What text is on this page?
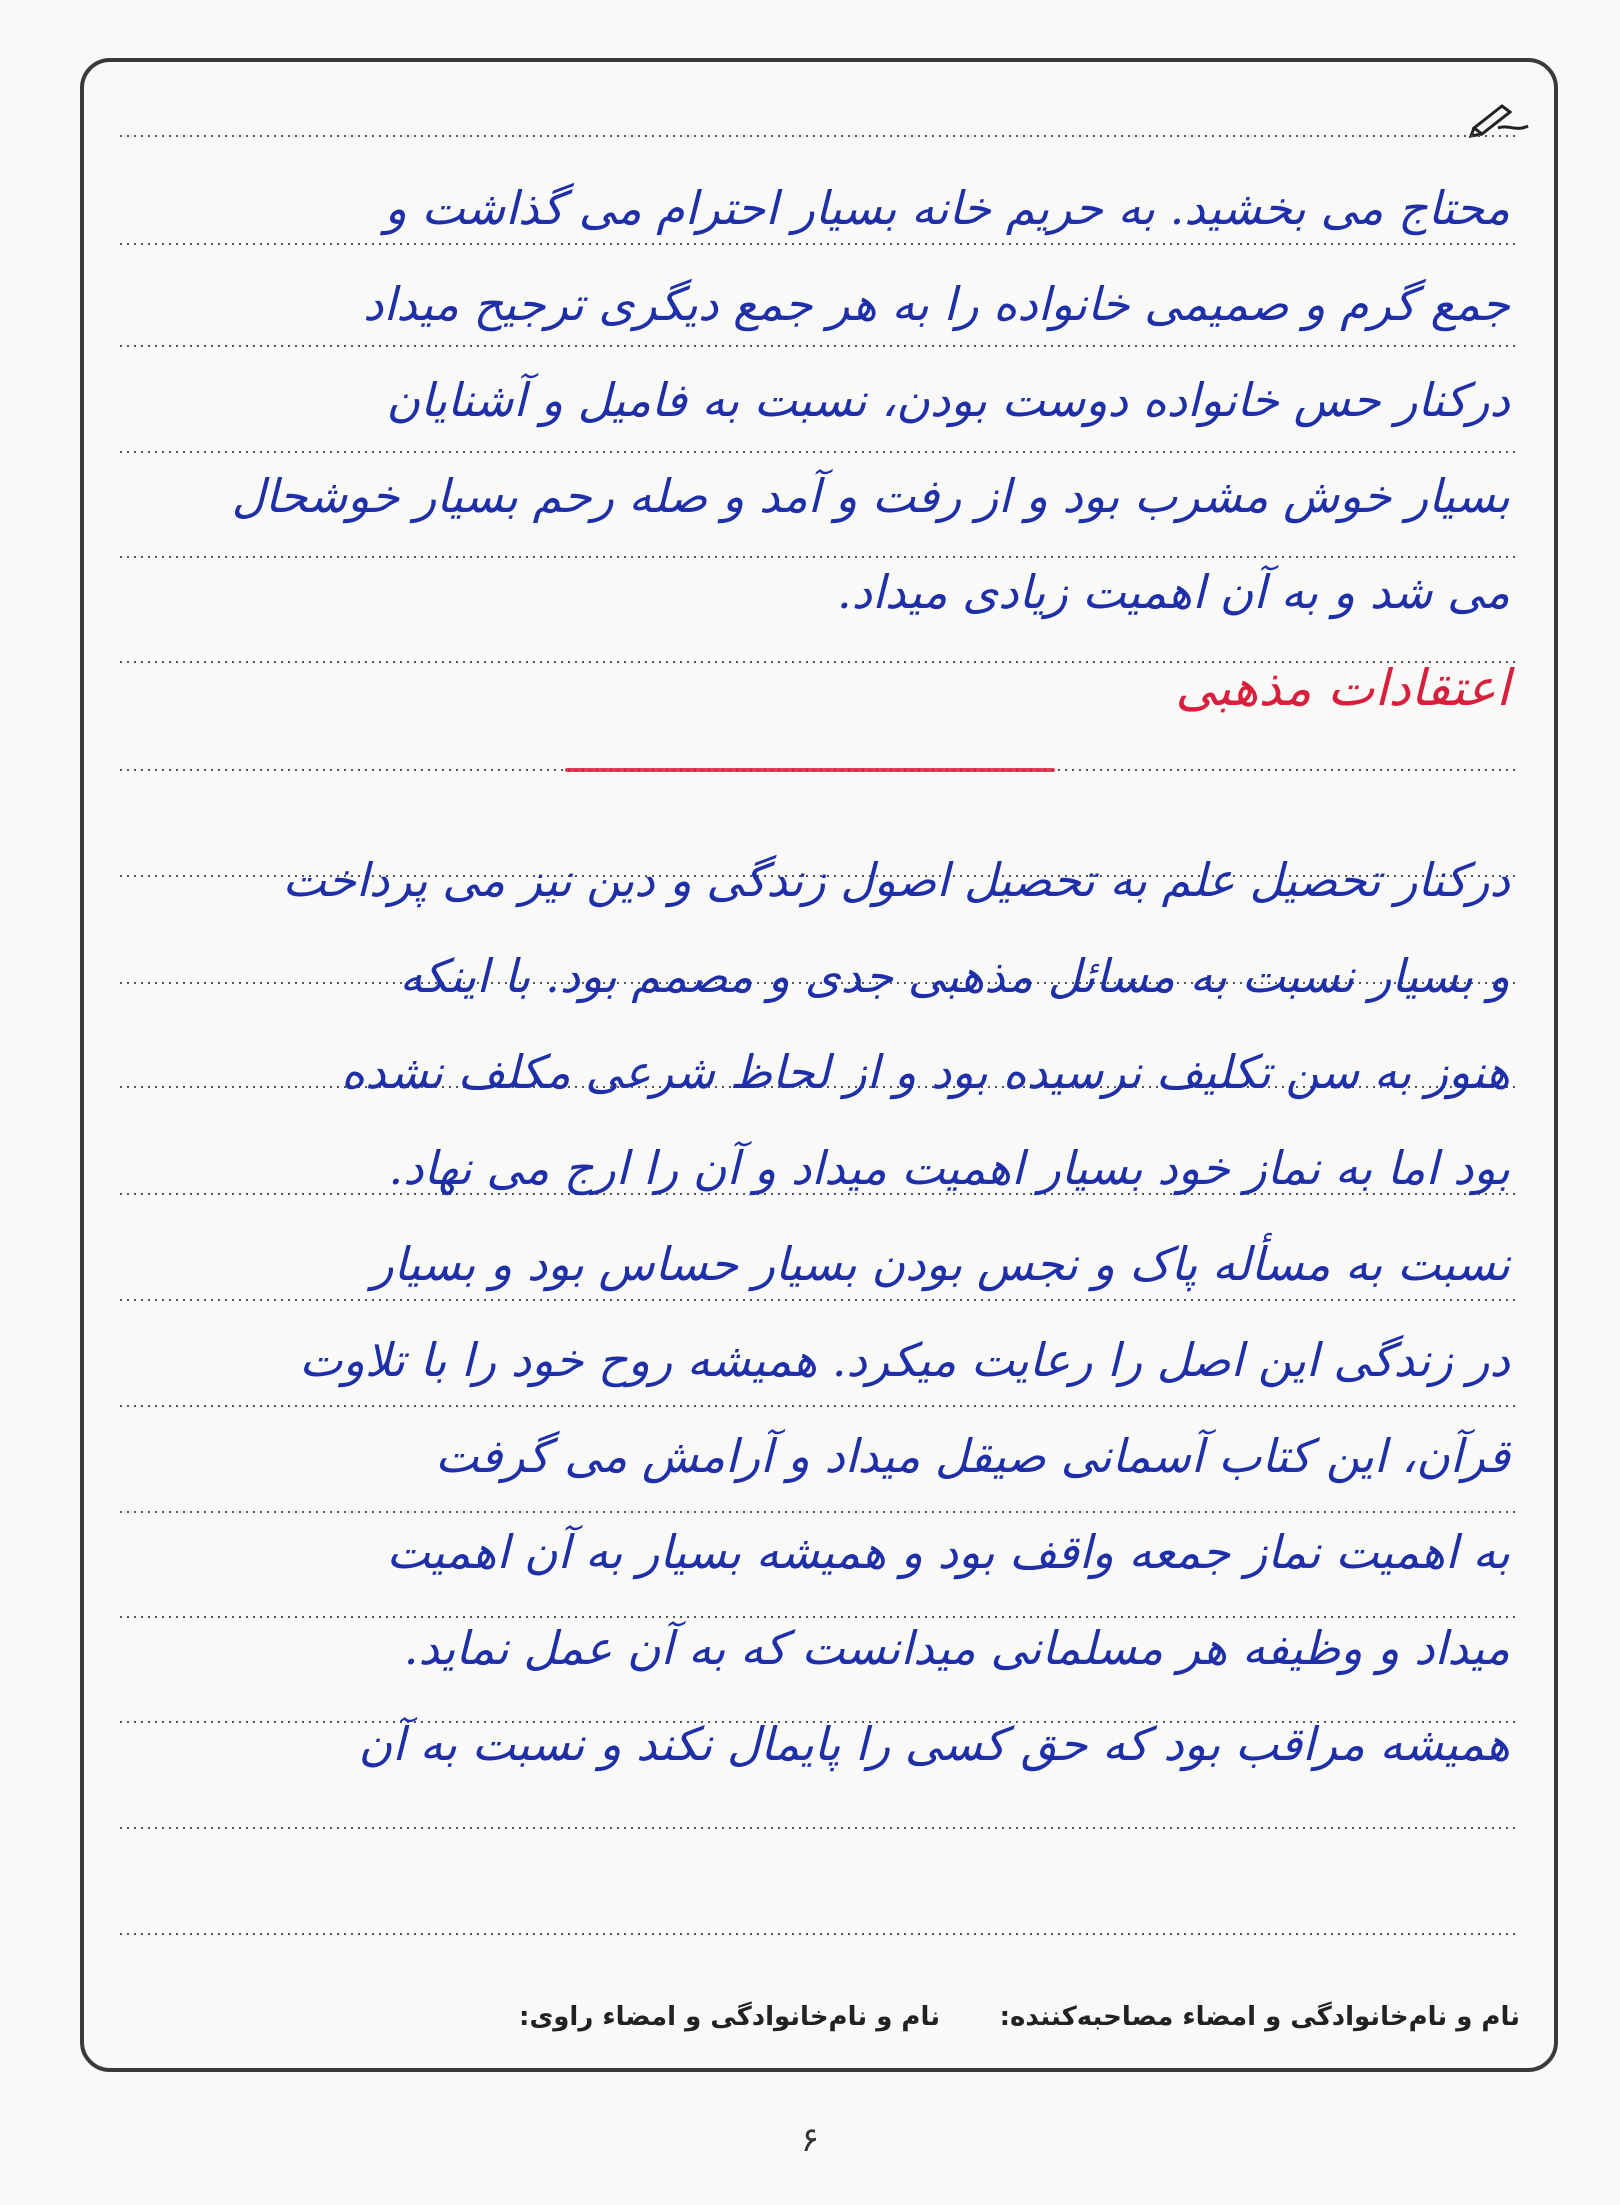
محتاج می بخشید. به حریم خانه بسیار احترام می گذاشت و
جمع گرم و صمیمی خانواده را به هر جمع دیگری ترجیح میداد
درکنار حس خانواده دوست بودن، نسبت به فامیل و آشنایان
بسیار خوش مشرب بود و از رفت و آمد و صله رحم بسیار خوشحال
می شد و به آن اهمیت زیادی میداد.
اعتقادات مذهبی
درکنار تحصیل علم به تحصیل اصول زندگی و دین نیز می پرداخت
و بسیار نسبت به مسائل مذهبی جدی و مصمم بود. با اینکه
هنوز به سن تکلیف نرسیده بود و از لحاظ شرعی مکلف نشده
بود اما به نماز خود بسیار اهمیت میداد و آن را ارج می نهاد.
نسبت به مسأله پاک و نجس بودن بسیار حساس بود و بسیار
در زندگی این اصل را رعایت میکرد. همیشه روح خود را با تلاوت
قرآن، این کتاب آسمانی صیقل میداد و آرامش می گرفت
به اهمیت نماز جمعه واقف بود و همیشه بسیار به آن اهمیت
میداد و وظیفه هر مسلمانی میدانست که به آن عمل نماید.
همیشه مراقب بود که حق کسی را پایمال نکند و نسبت به آن
نام و نام‌خانوادگی و امضاء مصاحبه‌کننده:
نام و نام‌خانوادگی و امضاء راوی:
۶
